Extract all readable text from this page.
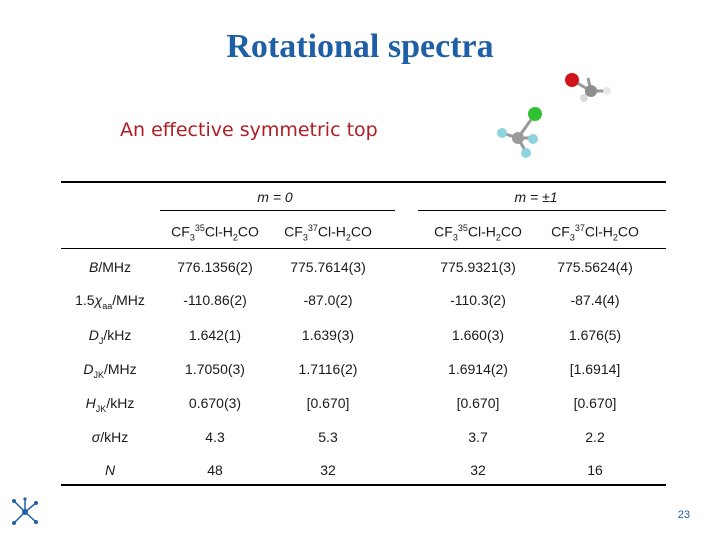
Rotational spectra
An effective symmetric top
m = 0	m = ±1
$CF_3^{35}Cl-H_2CO$	$CF_3^{37}Cl-H_2CO$	$CF_3^{35}Cl-H_2CO$	$CF_3^{37}Cl-H_2CO$
B/MHz	776.1356(2)	775.7614(3)	775.9321(3)	775.5624(4)
$1.5\chi_{aa}$/MHz	-110.86(2)	-87.0(2)	-110.3(2)	-87.4(4)
$D_J$/kHz	1.642(1)	1.639(3)	1.660(3)	1.676(5)
$D_{JK}$/MHz	1.7050(3)	1.7116(2)	1.6914(2)	[1.6914]
$H_{JK}$/kHz	0.670(3)	[0.670]	[0.670]	[0.670]
σ/kHz	4.3	5.3	3.7	2.2
N	48	32	32	16
23
